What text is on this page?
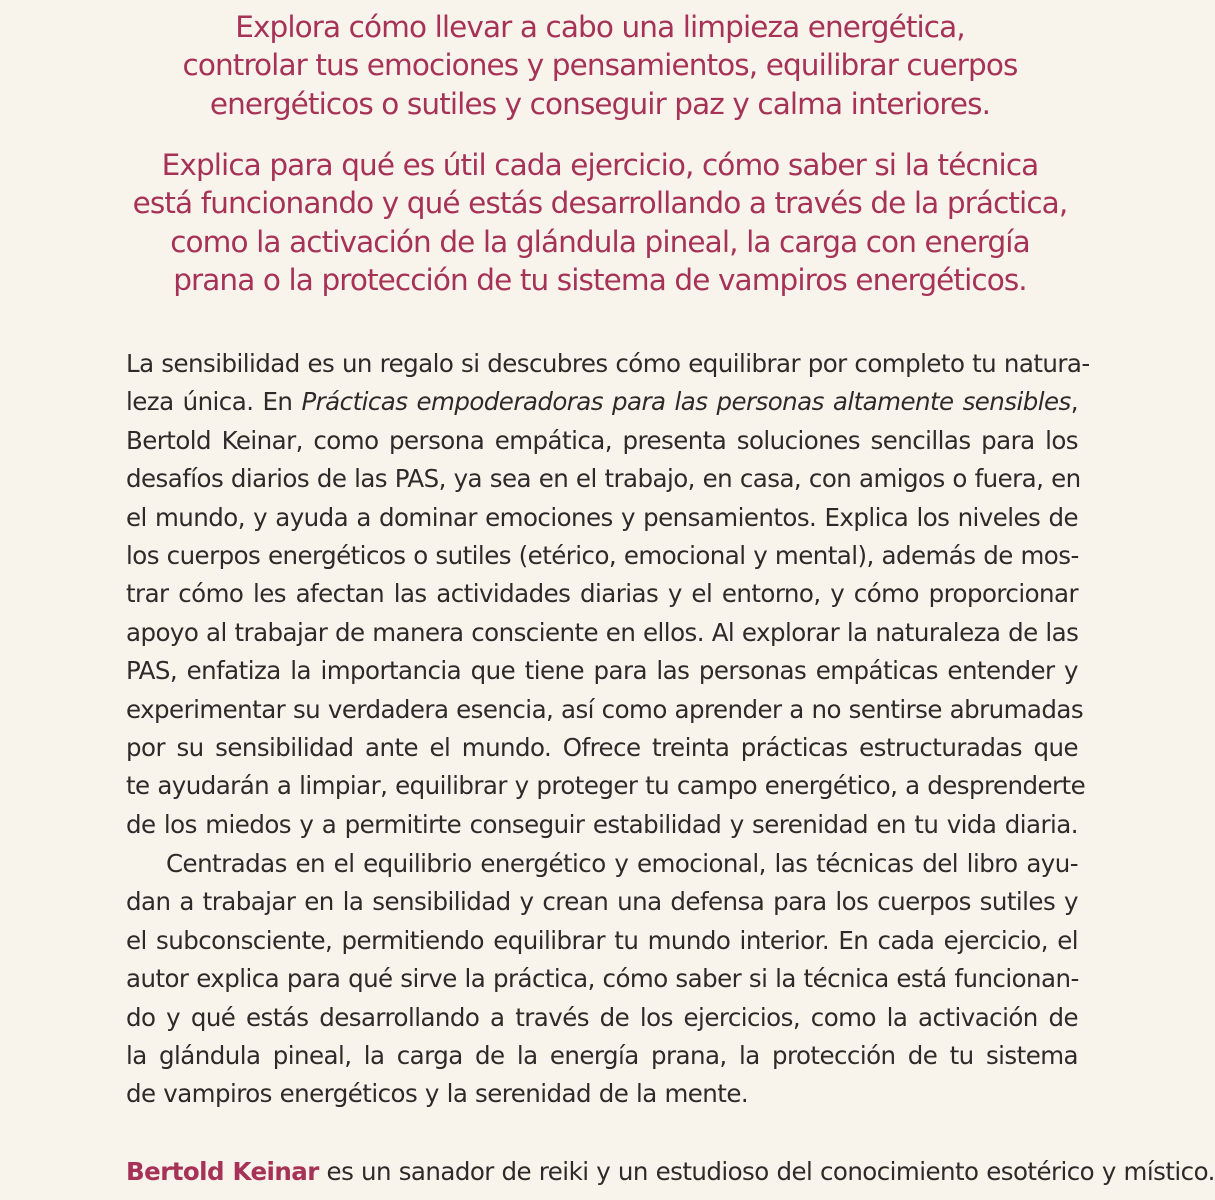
Explora cómo llevar a cabo una limpieza energética,
controlar tus emociones y pensamientos, equilibrar cuerpos
energéticos o sutiles y conseguir paz y calma interiores.

Explica para qué es útil cada ejercicio, cómo saber si la técnica
está funcionando y qué estás desarrollando a través de la práctica,
como la activación de la glándula pineal, la carga con energía
prana o la protección de tu sistema de vampiros energéticos.

La sensibilidad es un regalo si descubres cómo equilibrar por completo tu natura-
leza única. En Prácticas empoderadoras para las personas altamente sensibles,
Bertold Keinar, como persona empática, presenta soluciones sencillas para los
desafíos diarios de las PAS, ya sea en el trabajo, en casa, con amigos o fuera, en
el mundo, y ayuda a dominar emociones y pensamientos. Explica los niveles de
los cuerpos energéticos o sutiles (etérico, emocional y mental), además de mos-
trar cómo les afectan las actividades diarias y el entorno, y cómo proporcionar
apoyo al trabajar de manera consciente en ellos. Al explorar la naturaleza de las
PAS, enfatiza la importancia que tiene para las personas empáticas entender y
experimentar su verdadera esencia, así como aprender a no sentirse abrumadas
por su sensibilidad ante el mundo. Ofrece treinta prácticas estructuradas que
te ayudarán a limpiar, equilibrar y proteger tu campo energético, a desprenderte
de los miedos y a permitirte conseguir estabilidad y serenidad en tu vida diaria.
Centradas en el equilibrio energético y emocional, las técnicas del libro ayu-
dan a trabajar en la sensibilidad y crean una defensa para los cuerpos sutiles y
el subconsciente, permitiendo equilibrar tu mundo interior. En cada ejercicio, el
autor explica para qué sirve la práctica, cómo saber si la técnica está funcionan-
do y qué estás desarrollando a través de los ejercicios, como la activación de
la glándula pineal, la carga de la energía prana, la protección de tu sistema
de vampiros energéticos y la serenidad de la mente.
Bertold Keinar es un sanador de reiki y un estudioso del conocimiento esotérico y místico.
